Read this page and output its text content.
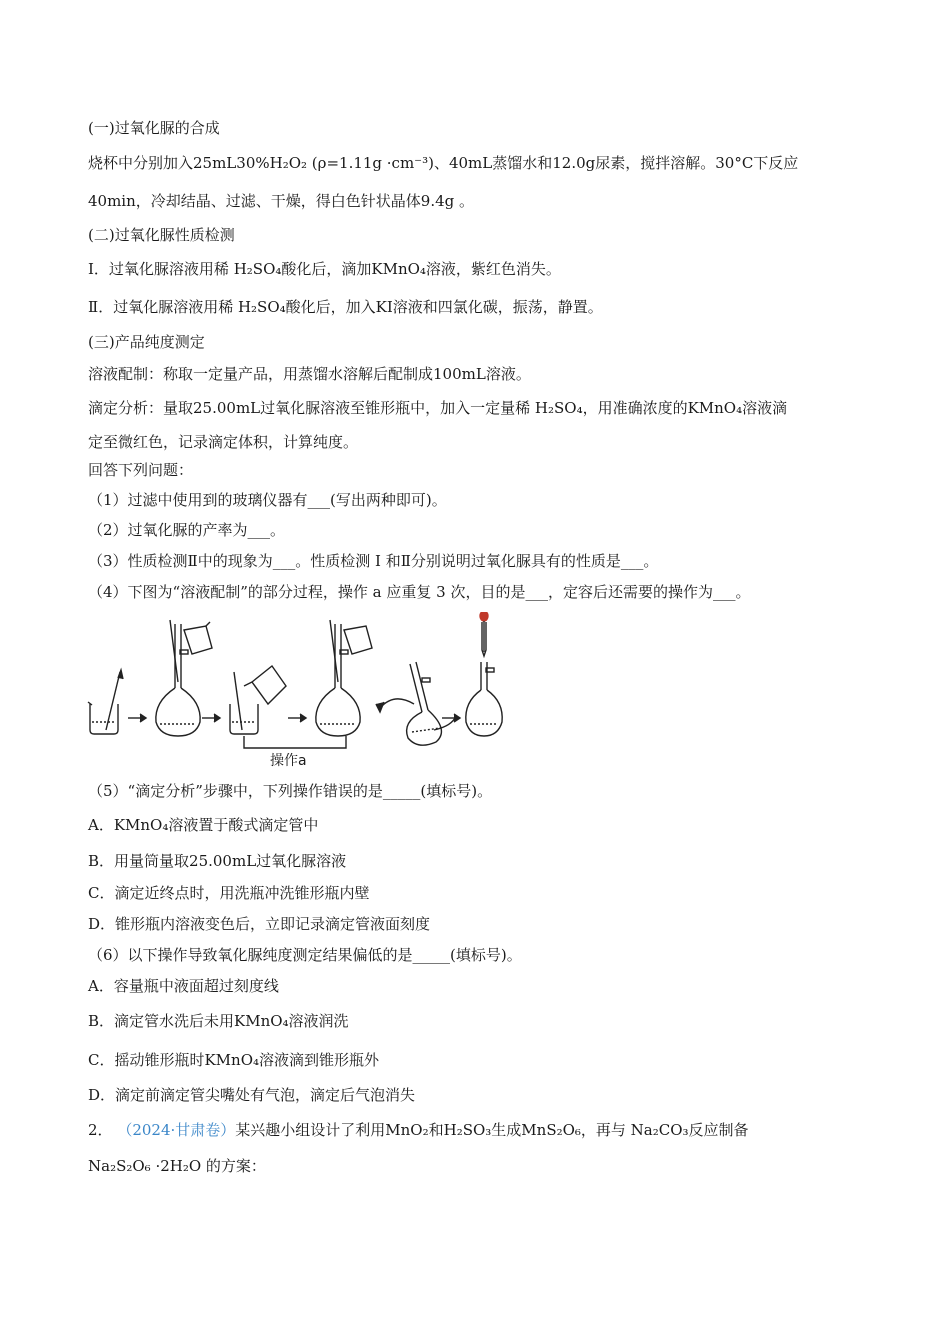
(一)过氧化脲的合成
烧杯中分别加入25mL30%H₂O₂ (ρ=1.11g ·cm⁻³)、40mL蒸馏水和12.0g尿素，搅拌溶解。30°C下反应
40min，冷却结晶、过滤、干燥，得白色针状晶体9.4g 。
(二)过氧化脲性质检测
I．过氧化脲溶液用稀 H₂SO₄酸化后，滴加KMnO₄溶液，紫红色消失。
Ⅱ．过氧化脲溶液用稀 H₂SO₄酸化后，加入KI溶液和四氯化碳，振荡，静置。
(三)产品纯度测定
溶液配制：称取一定量产品，用蒸馏水溶解后配制成100mL溶液。
滴定分析：量取25.00mL过氧化脲溶液至锥形瓶中，加入一定量稀 H₂SO₄，用准确浓度的KMnO₄溶液滴
定至微红色，记录滴定体积，计算纯度。
回答下列问题：
（1）过滤中使用到的玻璃仪器有___(写出两种即可)。
（2）过氧化脲的产率为___。
（3）性质检测Ⅱ中的现象为___。性质检测 I 和Ⅱ分别说明过氧化脲具有的性质是___。
（4）下图为“溶液配制”的部分过程，操作 a 应重复 3 次，目的是___，定容后还需要的操作为___。
操作a
（5）“滴定分析”步骤中，下列操作错误的是_____(填标号)。
A．KMnO₄溶液置于酸式滴定管中
B．用量筒量取25.00mL过氧化脲溶液
C．滴定近终点时，用洗瓶冲洗锥形瓶内壁
D．锥形瓶内溶液变色后，立即记录滴定管液面刻度
（6）以下操作导致氧化脲纯度测定结果偏低的是_____(填标号)。
A．容量瓶中液面超过刻度线
B．滴定管水洗后未用KMnO₄溶液润洗
C．摇动锥形瓶时KMnO₄溶液滴到锥形瓶外
D．滴定前滴定管尖嘴处有气泡，滴定后气泡消失
2． （2024·甘肃卷）某兴趣小组设计了利用MnO₂和H₂SO₃生成MnS₂O₆，再与 Na₂CO₃反应制备
Na₂S₂O₆ ·2H₂O 的方案：
